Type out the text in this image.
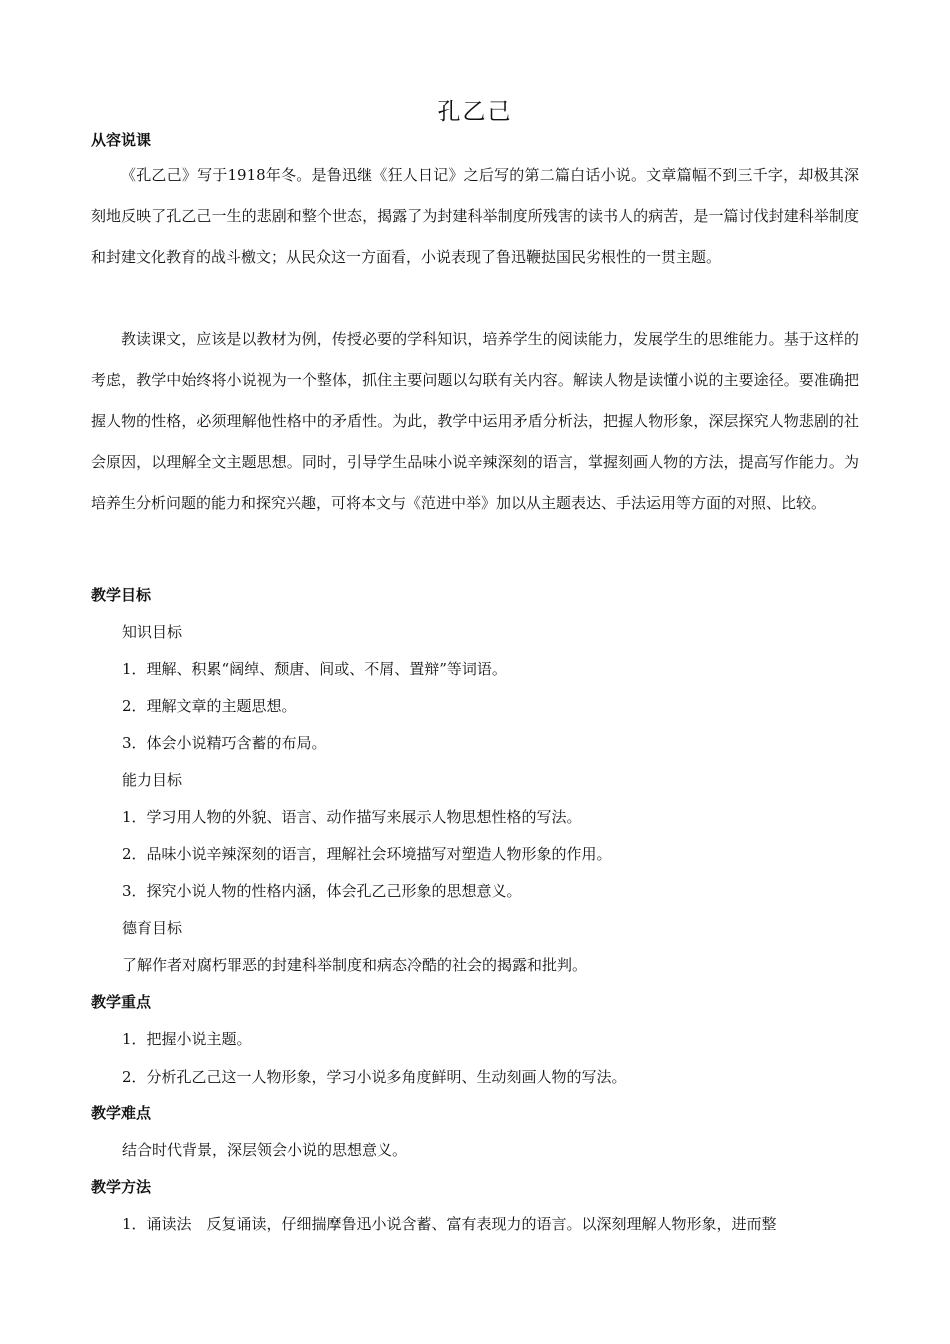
孔乙己
从容说课

《孔乙己》写于1918年冬。是鲁迅继《狂人日记》之后写的第二篇白话小说。文章篇幅不到三千字，却极其深刻地反映了孔乙己一生的悲剧和整个世态，揭露了为封建科举制度所残害的读书人的病苦，是一篇讨伐封建科举制度和封建文化教育的战斗檄文；从民众这一方面看，小说表现了鲁迅鞭挞国民劣根性的一贯主题。

教读课文，应该是以教材为例，传授必要的学科知识，培养学生的阅读能力，发展学生的思维能力。基于这样的考虑，教学中始终将小说视为一个整体，抓住主要问题以勾联有关内容。解读人物是读懂小说的主要途径。要准确把握人物的性格，必须理解他性格中的矛盾性。为此，教学中运用矛盾分析法，把握人物形象，深层探究人物悲剧的社会原因，以理解全文主题思想。同时，引导学生品味小说辛辣深刻的语言，掌握刻画人物的方法，提高写作能力。为培养生分析问题的能力和探究兴趣，可将本文与《范进中举》加以从主题表达、手法运用等方面的对照、比较。

教学目标
知识目标
1．理解、积累“阔绰、颓唐、间或、不屑、置辩”等词语。
2．理解文章的主题思想。
3．体会小说精巧含蓄的布局。
能力目标
1．学习用人物的外貌、语言、动作描写来展示人物思想性格的写法。
2．品味小说辛辣深刻的语言，理解社会环境描写对塑造人物形象的作用。
3．探究小说人物的性格内涵，体会孔乙己形象的思想意义。
德育目标
了解作者对腐朽罪恶的封建科举制度和病态冷酷的社会的揭露和批判。
教学重点
1．把握小说主题。
2．分析孔乙己这一人物形象，学习小说多角度鲜明、生动刻画人物的写法。
教学难点
结合时代背景，深层领会小说的思想意义。
教学方法
1．诵读法　反复诵读，仔细揣摩鲁迅小说含蓄、富有表现力的语言。以深刻理解人物形象，进而整
